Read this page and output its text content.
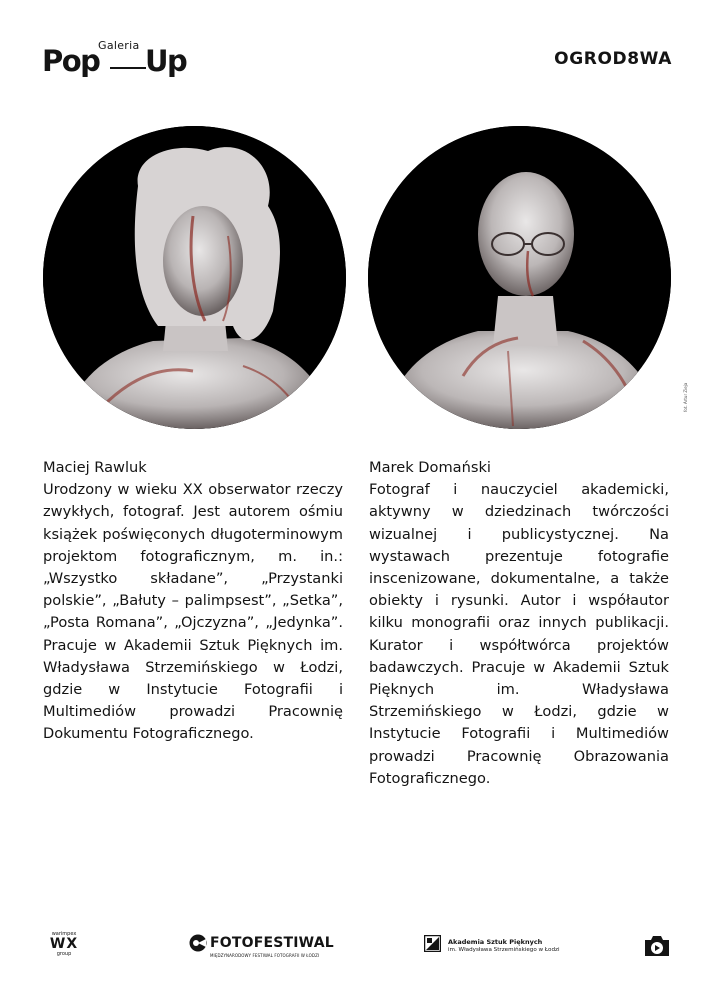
Galeria
Pop Up	OGROD8WA
fot. Artur Zieja
Maciej Rawluk
Urodzony w wieku XX obserwator rzeczy zwykłych, fotograf. Jest autorem ośmiu książek poświęconych długoterminowym projektom fotograficznym, m. in.: „Wszystko składane”, „Przystanki polskie”, „Bałuty – palimpsest”, „Setka”, „Posta Romana”, „Ojczyzna”, „Jedynka”. Pracuje w Akademii Sztuk Pięknych im. Władysława Strzemińskiego w Łodzi, gdzie w Instytucie Fotografii i Multimediów prowadzi Pracownię Dokumentu Fotograficznego.
Marek Domański
Fotograf i nauczyciel akademicki, aktywny w dziedzinach twórczości wizualnej i publicystycznej. Na wystawach prezentuje fotografie inscenizowane, dokumentalne, a także obiekty i rysunki. Autor i współautor kilku monografii oraz innych publikacji. Kurator i współtwórca projektów badawczych. Pracuje w Akademii Sztuk Pięknych im. Władysława Strzemińskiego w Łodzi, gdzie w Instytucie Fotografii i Multimediów prowadzi Pracownię Obrazowania Fotograficznego.
warimpex
WX
group
FOTOFESTIWAL
MIĘDZYNARODOWY FESTIWAL FOTOGRAFII W ŁODZI
Akademia Sztuk Pięknych
im. Władysława Strzemińskiego w Łodzi
